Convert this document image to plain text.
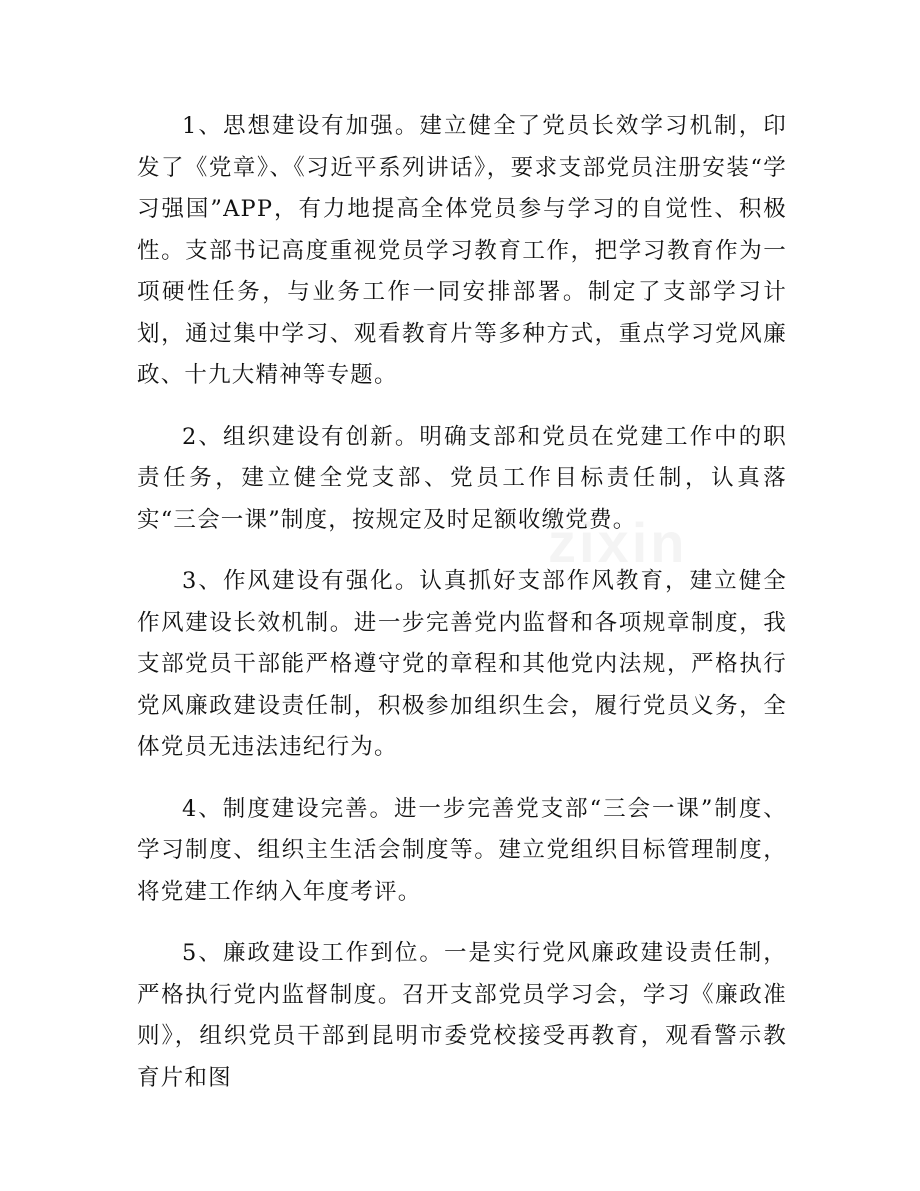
1、思想建设有加强。建立健全了党员长效学习机制，印发了《党章》、《习近平系列讲话》，要求支部党员注册安装“学习强国”APP，有力地提高全体党员参与学习的自觉性、积极性。支部书记高度重视党员学习教育工作，把学习教育作为一项硬性任务，与业务工作一同安排部署。制定了支部学习计划，通过集中学习、观看教育片等多种方式，重点学习党风廉政、十九大精神等专题。

2、组织建设有创新。明确支部和党员在党建工作中的职责任务，建立健全党支部、党员工作目标责任制，认真落实“三会一课”制度，按规定及时足额收缴党费。

3、作风建设有强化。认真抓好支部作风教育，建立健全作风建设长效机制。进一步完善党内监督和各项规章制度，我支部党员干部能严格遵守党的章程和其他党内法规，严格执行党风廉政建设责任制，积极参加组织生会，履行党员义务，全体党员无违法违纪行为。

4、制度建设完善。进一步完善党支部“三会一课”制度、学习制度、组织主生活会制度等。建立党组织目标管理制度，将党建工作纳入年度考评。

5、廉政建设工作到位。一是实行党风廉政建设责任制，严格执行党内监督制度。召开支部党员学习会，学习《廉政准则》，组织党员干部到昆明市委党校接受再教育，观看警示教育片和图
